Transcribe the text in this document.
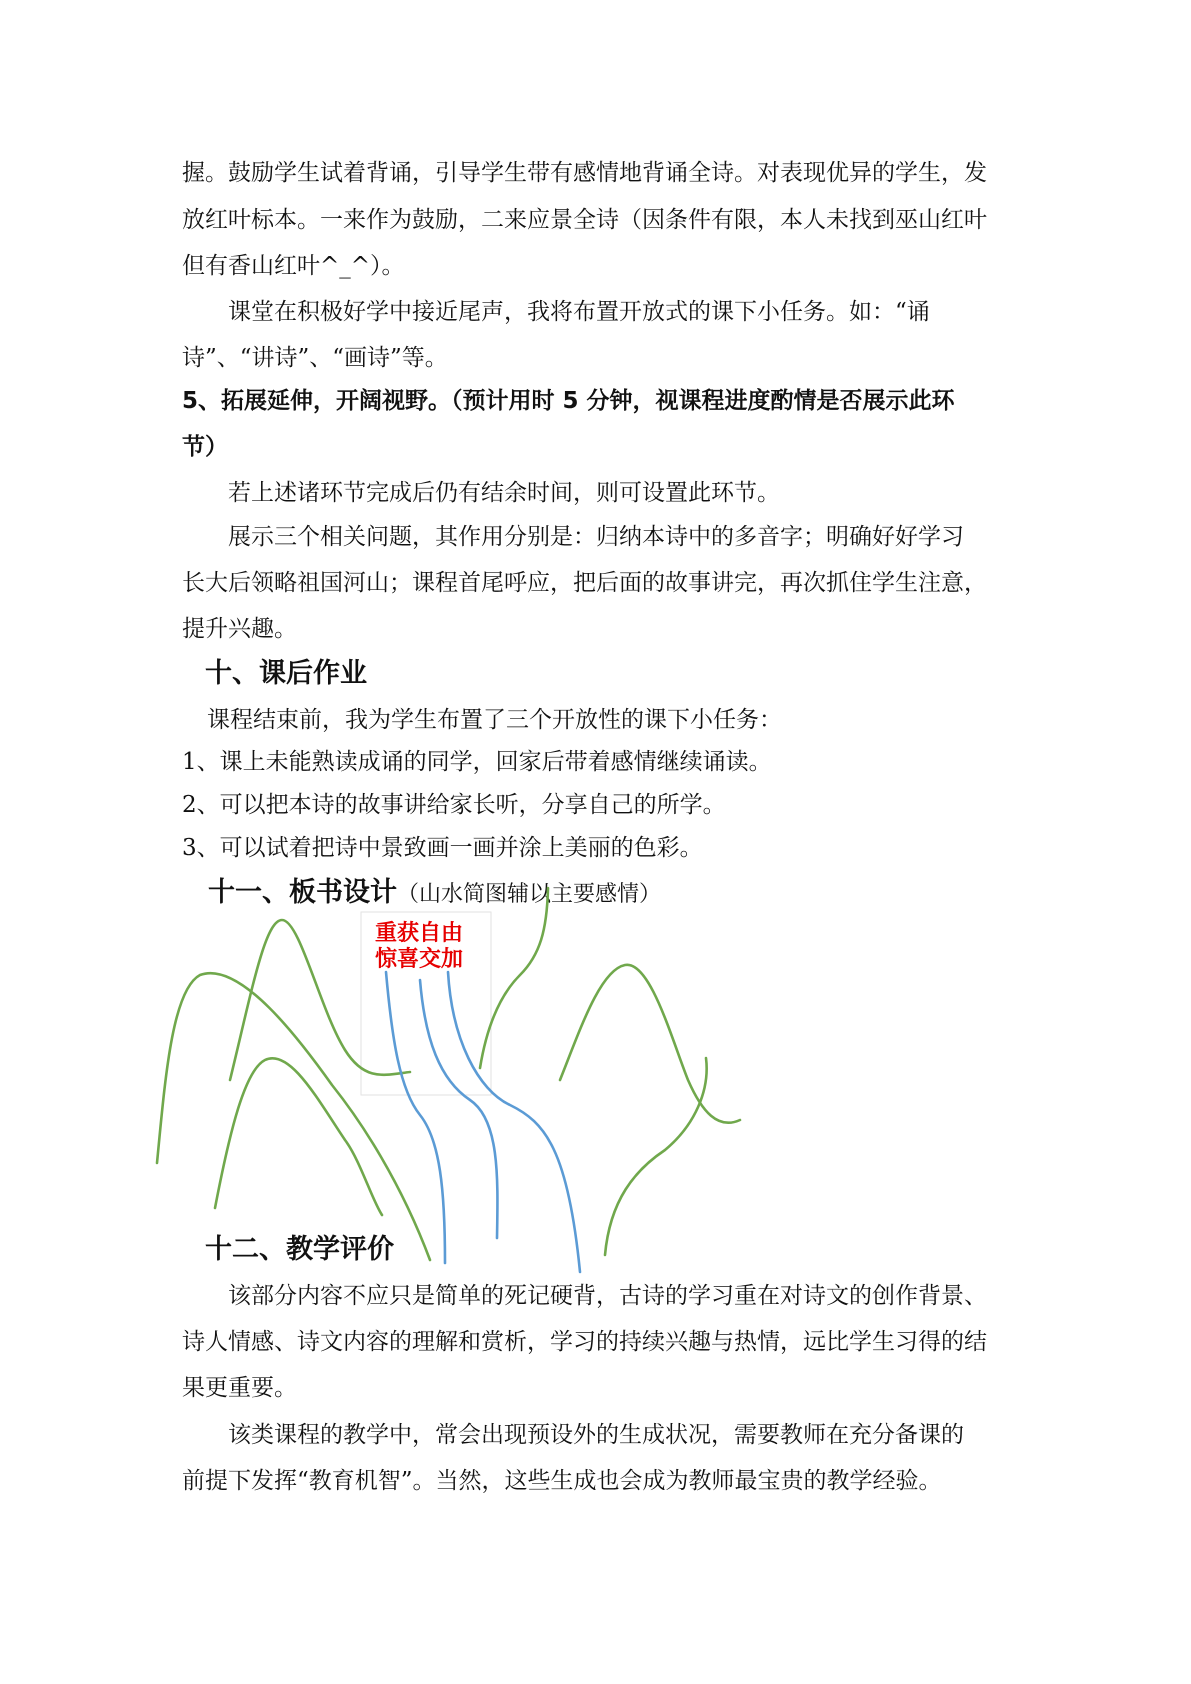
握。鼓励学生试着背诵，引导学生带有感情地背诵全诗。对表现优异的学生，发
放红叶标本。一来作为鼓励，二来应景全诗（因条件有限，本人未找到巫山红叶
但有香山红叶^_^）。
　　课堂在积极好学中接近尾声，我将布置开放式的课下小任务。如：“诵
诗”、“讲诗”、“画诗”等。
5、拓展延伸，开阔视野。（预计用时 5 分钟，视课程进度酌情是否展示此环
节）
　　若上述诸环节完成后仍有结余时间，则可设置此环节。
　　展示三个相关问题，其作用分别是：归纳本诗中的多音字；明确好好学习
长大后领略祖国河山；课程首尾呼应，把后面的故事讲完，再次抓住学生注意，
提升兴趣。
十、课后作业
课程结束前，我为学生布置了三个开放性的课下小任务：
1、课上未能熟读成诵的同学，回家后带着感情继续诵读。
2、可以把本诗的故事讲给家长听，分享自己的所学。
3、可以试着把诗中景致画一画并涂上美丽的色彩。
十一、板书设计（山水简图辅以主要感情）
重获自由
惊喜交加
十二、教学评价
　　该部分内容不应只是简单的死记硬背，古诗的学习重在对诗文的创作背景、
诗人情感、诗文内容的理解和赏析，学习的持续兴趣与热情，远比学生习得的结
果更重要。
　　该类课程的教学中，常会出现预设外的生成状况，需要教师在充分备课的
前提下发挥“教育机智”。当然，这些生成也会成为教师最宝贵的教学经验。
